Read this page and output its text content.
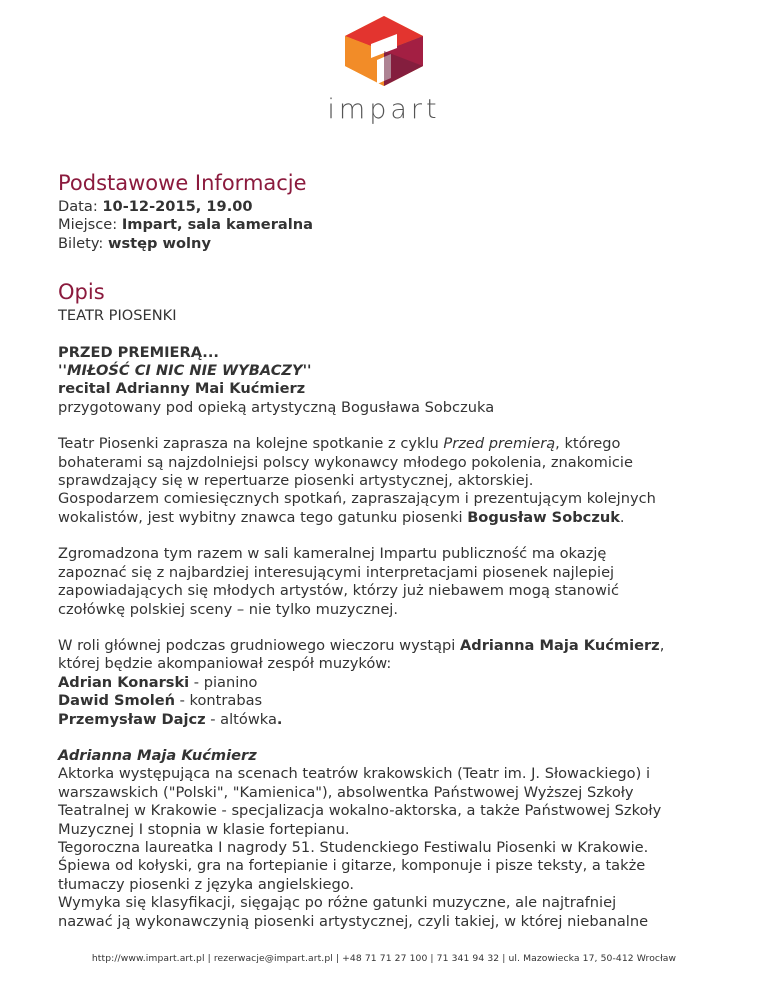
impart
Podstawowe Informacje

Data: 10-12-2015, 19.00

Miejsce: Impart, sala kameralna

Bilety: wstęp wolny

Opis

TEATR PIOSENKI

PRZED PREMIERĄ...

''MIŁOŚĆ CI NIC NIE WYBACZY''

recital Adrianny Mai Kućmierz

przygotowany pod opieką artystyczną Bogusława Sobczuka

Teatr Piosenki zaprasza na kolejne spotkanie z cyklu Przed premierą, którego

bohaterami są najzdolniejsi polscy wykonawcy młodego pokolenia, znakomicie

sprawdzający się w repertuarze piosenki artystycznej, aktorskiej.

Gospodarzem comiesięcznych spotkań, zapraszającym i prezentującym kolejnych

wokalistów, jest wybitny znawca tego gatunku piosenki Bogusław Sobczuk.

Zgromadzona tym razem w sali kameralnej Impartu publiczność ma okazję

zapoznać się z najbardziej interesującymi interpretacjami piosenek najlepiej

zapowiadających się młodych artystów, którzy już niebawem mogą stanowić

czołówkę polskiej sceny – nie tylko muzycznej.

W roli głównej podczas grudniowego wieczoru wystąpi Adrianna Maja Kućmierz,

której będzie akompaniował zespół muzyków:

Adrian Konarski - pianino

Dawid Smoleń - kontrabas

Przemysław Dajcz - altówka.

Adrianna Maja Kućmierz

Aktorka występująca na scenach teatrów krakowskich (Teatr im. J. Słowackiego) i

warszawskich ("Polski", "Kamienica"), absolwentka Państwowej Wyższej Szkoły

Teatralnej w Krakowie - specjalizacja wokalno-aktorska, a także Państwowej Szkoły

Muzycznej I stopnia w klasie fortepianu.

Tegoroczna laureatka I nagrody 51. Studenckiego Festiwalu Piosenki w Krakowie.

Śpiewa od kołyski, gra na fortepianie i gitarze, komponuje i pisze teksty, a także

tłumaczy piosenki z języka angielskiego.

Wymyka się klasyfikacji, sięgając po różne gatunki muzyczne, ale najtrafniej

nazwać ją wykonawczynią piosenki artystycznej, czyli takiej, w której niebanalne

http://www.impart.art.pl | rezerwacje@impart.art.pl | +48 71 71 27 100 | 71 341 94 32 | ul. Mazowiecka 17, 50-412 Wrocław
